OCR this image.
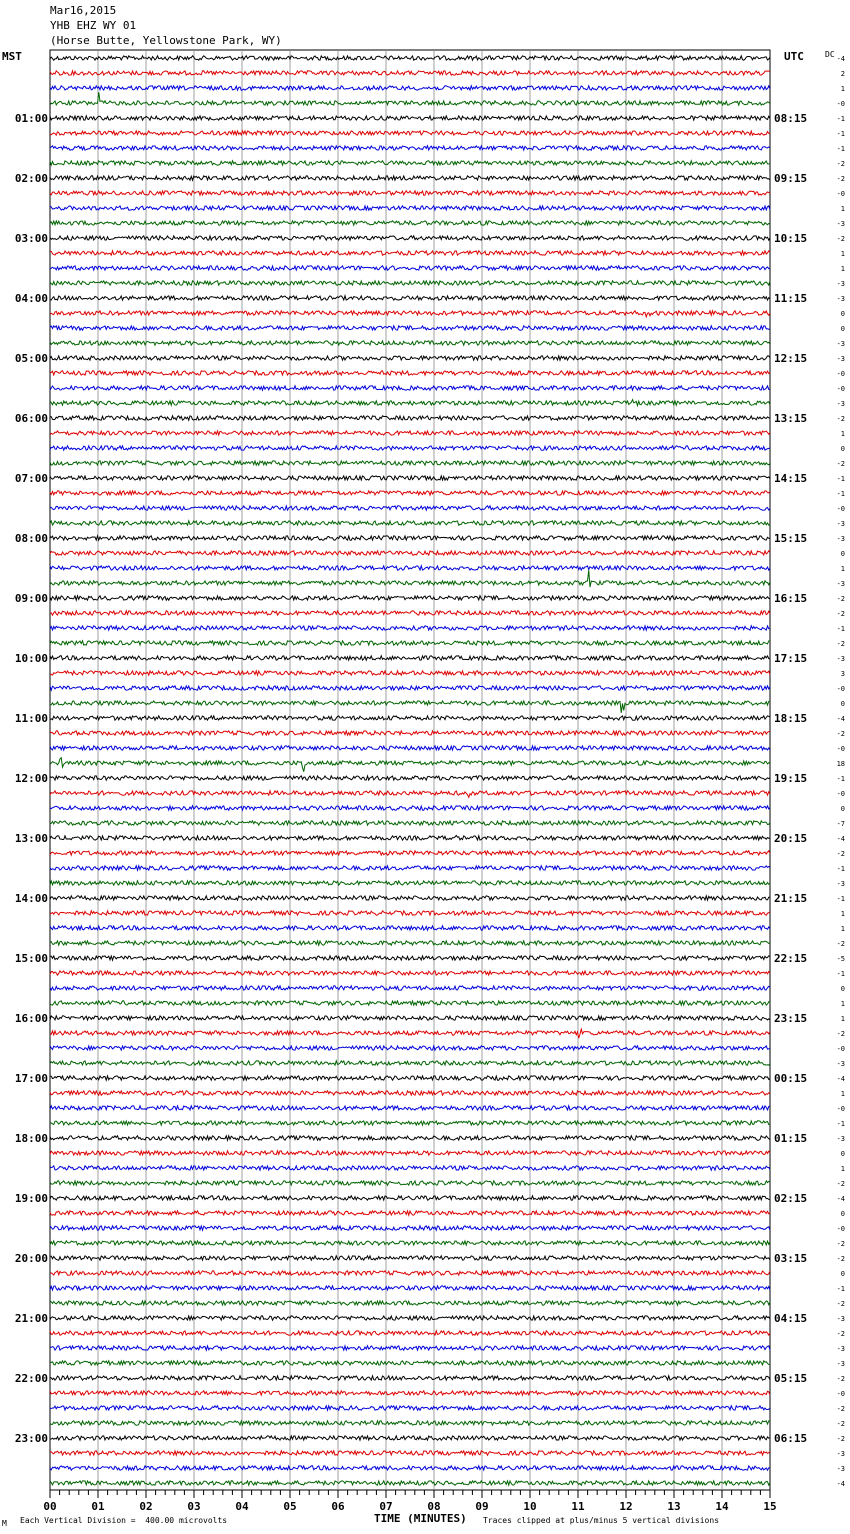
Mar16,2015
YHB EHZ WY 01
(Horse Butte, Yellowstone Park, WY)
MST	UTC	DC
01:00
02:00
03:00
04:00
05:00
06:00
07:00
08:00
09:00
10:00
11:00
12:00
13:00
14:00
15:00
16:00
17:00
18:00
19:00
20:00
21:00
22:00
23:00
08:15
09:15
10:15
11:15
12:15
13:15
14:15
15:15
16:15
17:15
18:15
19:15
20:15
21:15
22:15
23:15
00:15
01:15
02:15
03:15
04:15
05:15
06:15
-4
2
1
-0
-1
-1
-1
-2
-2
-0
1
-3
-2
1
1
-3
-3
0
0
-3
-3
-0
-0
-3
-2
1
0
-2
-1
-1
-0
-3
-3
0
1
-3
-2
-2
-1
-2
-3
3
-0
0
-4
-2
-0
18
-1
-0
0
-7
-4
-2
-1
-3
-1
1
1
-2
-5
-1
0
1
1
-2
-0
-3
-4
1
-0
-1
-3
0
1
-2
-4
0
-0
-2
-2
0
-1
-2
-3
-2
-3
-3
-2
-0
-2
-2
-2
-3
-3
-4
00	01	02	03	04	05	06	07	08	09	10	11	12	13	14	15
M Each Vertical Division =  400.00 microvolts	TIME (MINUTES) Traces clipped at plus/minus 5 vertical divisions
